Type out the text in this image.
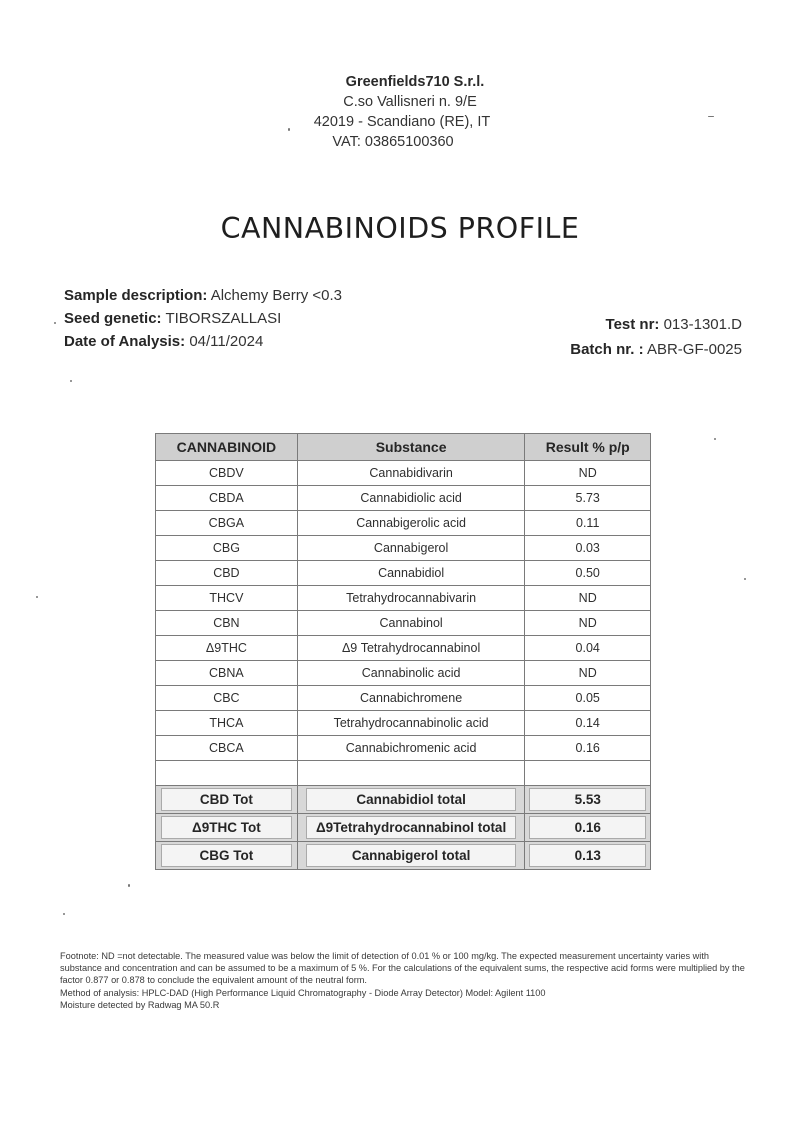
Greenfields710 S.r.l.
C.so Vallisneri n. 9/E
42019 - Scandiano (RE), IT
VAT: 03865100360
CANNABINOIDS PROFILE
Sample description: Alchemy Berry <0.3
Seed genetic: TIBORSZALLASI
Date of Analysis: 04/11/2024
Test nr: 013-1301.D
Batch nr. : ABR-GF-0025
CANNABINOID	Substance	Result % p/p
CBDV	Cannabidivarin	ND
CBDA	Cannabidiolic acid	5.73
CBGA	Cannabigerolic acid	0.11
CBG	Cannabigerol	0.03
CBD	Cannabidiol	0.50
THCV	Tetrahydrocannabivarin	ND
CBN	Cannabinol	ND
Δ9THC	Δ9 Tetrahydrocannabinol	0.04
CBNA	Cannabinolic acid	ND
CBC	Cannabichromene	0.05
THCA	Tetrahydrocannabinolic acid	0.14
CBCA	Cannabichromenic acid	0.16

CBD Tot	Cannabidiol total	5.53
Δ9THC Tot	Δ9Tetrahydrocannabinol total	0.16
CBG Tot	Cannabigerol total	0.13

Footnote: ND =not detectable. The measured value was below the limit of detection of 0.01 % or 100 mg/kg. The expected measurement uncertainty varies with substance and concentration and can be assumed to be a maximum of 5 %. For the calculations of the equivalent sums, the respective acid forms were multiplied by the factor 0.877 or 0.878 to conclude the equivalent amount of the neutral form.

Method of analysis: HPLC-DAD (High Performance Liquid Chromatography - Diode Array Detector) Model: Agilent 1100

Moisture detected by Radwag MA 50.R
